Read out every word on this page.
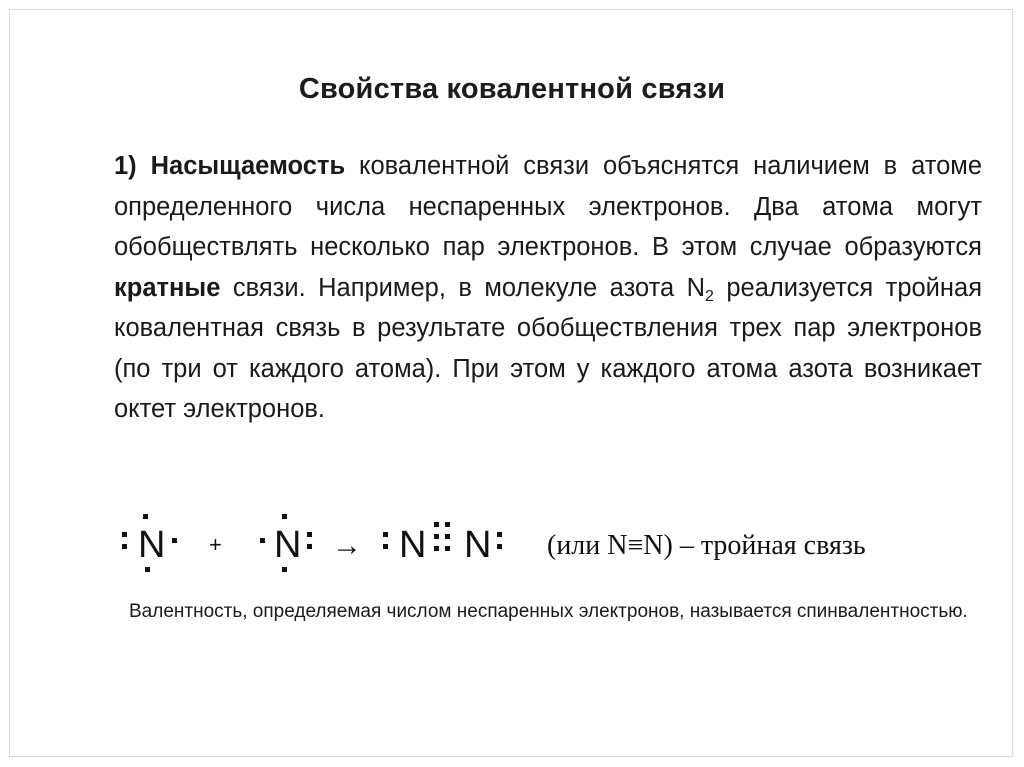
Свойства ковалентной связи
1) Насыщаемость ковалентной связи объяснятся наличием в атоме определенного числа неспаренных электронов. Два атома могут обобществлять несколько пар электронов. В этом случае образуются кратные связи. Например, в молекуле азота $N_2$ реализуется тройная ковалентная связь в результате обобществления трех пар электронов (по три от каждого атома). При этом у каждого атома азота возникает октет электронов.
N + N → N N (или N≡N) – тройная связь
Валентность, определяемая числом неспаренных электронов, называется спинвалентностью.
